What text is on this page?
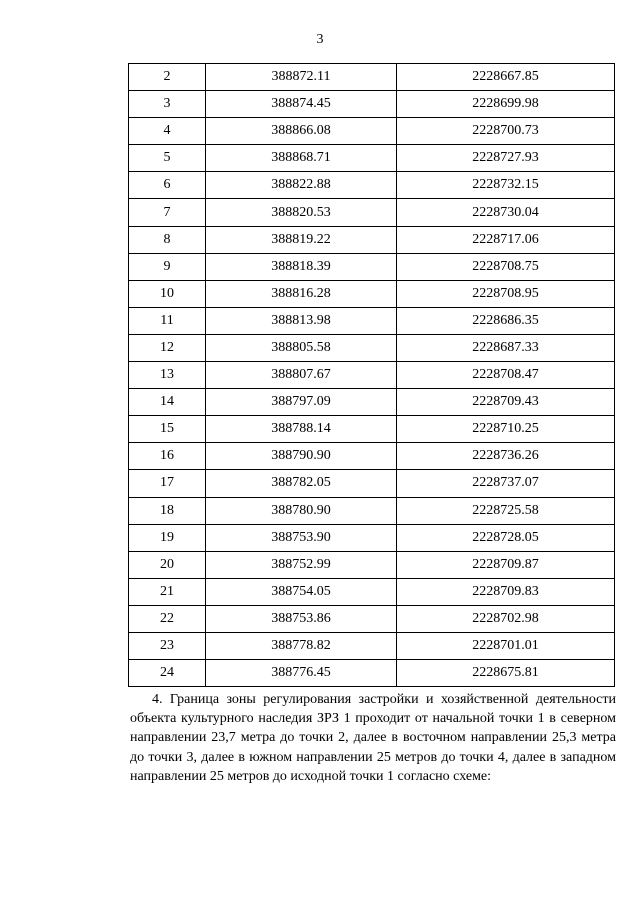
3
2	388872.11	2228667.85
3	388874.45	2228699.98
4	388866.08	2228700.73
5	388868.71	2228727.93
6	388822.88	2228732.15
7	388820.53	2228730.04
8	388819.22	2228717.06
9	388818.39	2228708.75
10	388816.28	2228708.95
11	388813.98	2228686.35
12	388805.58	2228687.33
13	388807.67	2228708.47
14	388797.09	2228709.43
15	388788.14	2228710.25
16	388790.90	2228736.26
17	388782.05	2228737.07
18	388780.90	2228725.58
19	388753.90	2228728.05
20	388752.99	2228709.87
21	388754.05	2228709.83
22	388753.86	2228702.98
23	388778.82	2228701.01
24	388776.45	2228675.81

4. Граница зоны регулирования застройки и хозяйственной деятельности объекта культурного наследия ЗРЗ 1 проходит от начальной точки 1 в северном направлении 23,7 метра до точки 2, далее в восточном направлении 25,3 метра до точки 3, далее в южном направлении 25 метров до точки 4, далее в западном направлении 25 метров до исходной точки 1 согласно схеме:
